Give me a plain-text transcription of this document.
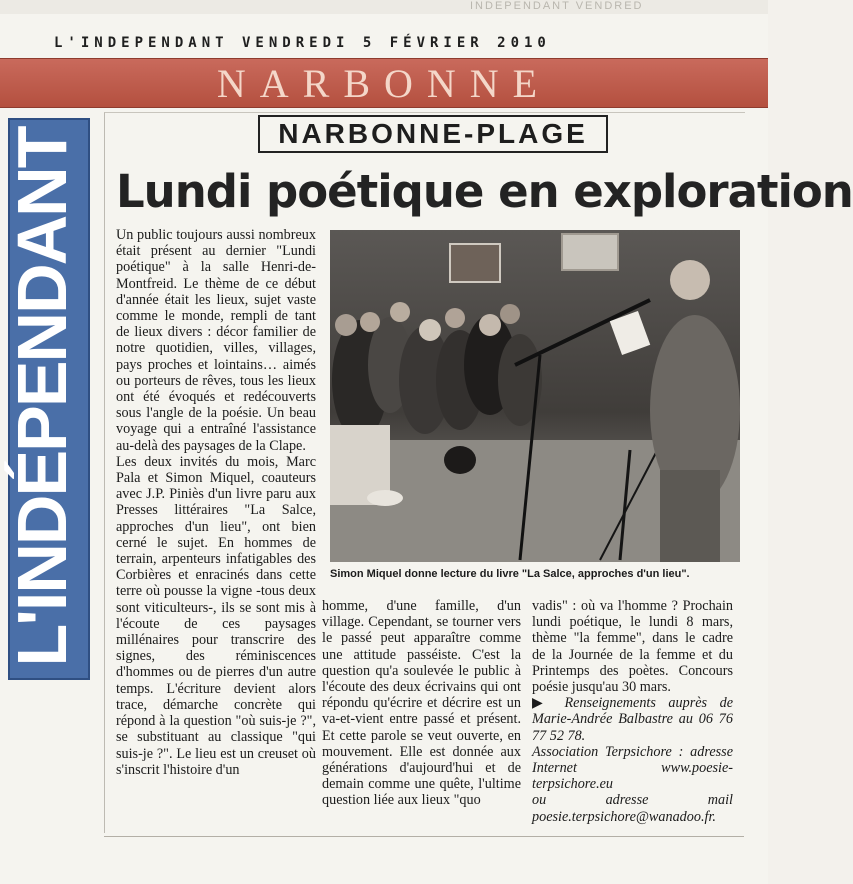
INDEPENDANT VENDRED
L'INDEPENDANT VENDREDI 5 FÉVRIER 2010
NARBONNE
L'INDÉPENDANT	NARBONNE-PLAGE
Lundi poétique en exploration

Un public toujours aussi nombreux était présent au dernier "Lundi poétique" à la salle Henri-de-Montfreid. Le thème de ce début d'année était les lieux, sujet vaste comme le monde, rempli de tant de lieux divers : décor familier de notre quotidien, villes, villages, pays proches et lointains… aimés ou porteurs de rêves, tous les lieux ont été évoqués et redécouverts sous l'angle de la poésie. Un beau voyage qui a entraîné l'assistance au-delà des paysages de la Clape.

Les deux invités du mois, Marc Pala et Simon Miquel, coauteurs avec J.P. Piniès d'un livre paru aux Presses littéraires "La Salce, approches d'un lieu", ont bien cerné le sujet. En hommes de terrain, arpenteurs infatigables des Corbières et enracinés dans cette terre où pousse la vigne -tous deux sont viticulteurs-, ils se sont mis à l'écoute de ces paysages millénaires pour transcrire des signes, des réminiscences d'hommes ou de pierres d'un autre temps. L'écriture devient alors trace, démarche concrète qui répond à la question "où suis-je ?", se substituant au classique "qui suis-je ?". Le lieu est un creuset où s'inscrit l'histoire d'un

Simon Miquel donne lecture du livre "La Salce, approches d'un lieu".

homme, d'une famille, d'un village. Cependant, se tourner vers le passé peut apparaître comme une attitude passéiste. C'est la question qu'a soulevée le public à l'écoute des deux écrivains qui ont répondu qu'écrire et décrire est un va-et-vient entre passé et présent. Et cette parole se veut ouverte, en mouvement. Elle est donnée aux générations d'aujourd'hui et de demain comme une quête, l'ultime question liée aux lieux "quo

vadis" : où va l'homme ? Prochain lundi poétique, le lundi 8 mars, thème "la femme", dans le cadre de la Journée de la femme et du Printemps des poètes. Concours poésie jusqu'au 30 mars.

▶ Renseignements auprès de Marie-Andrée Balbastre au 06 76 77 52 78.

Association Terpsichore : adresse Internet www.poesie-terpsichore.eu

ou adresse mail poesie.terpsichore@wanadoo.fr.
